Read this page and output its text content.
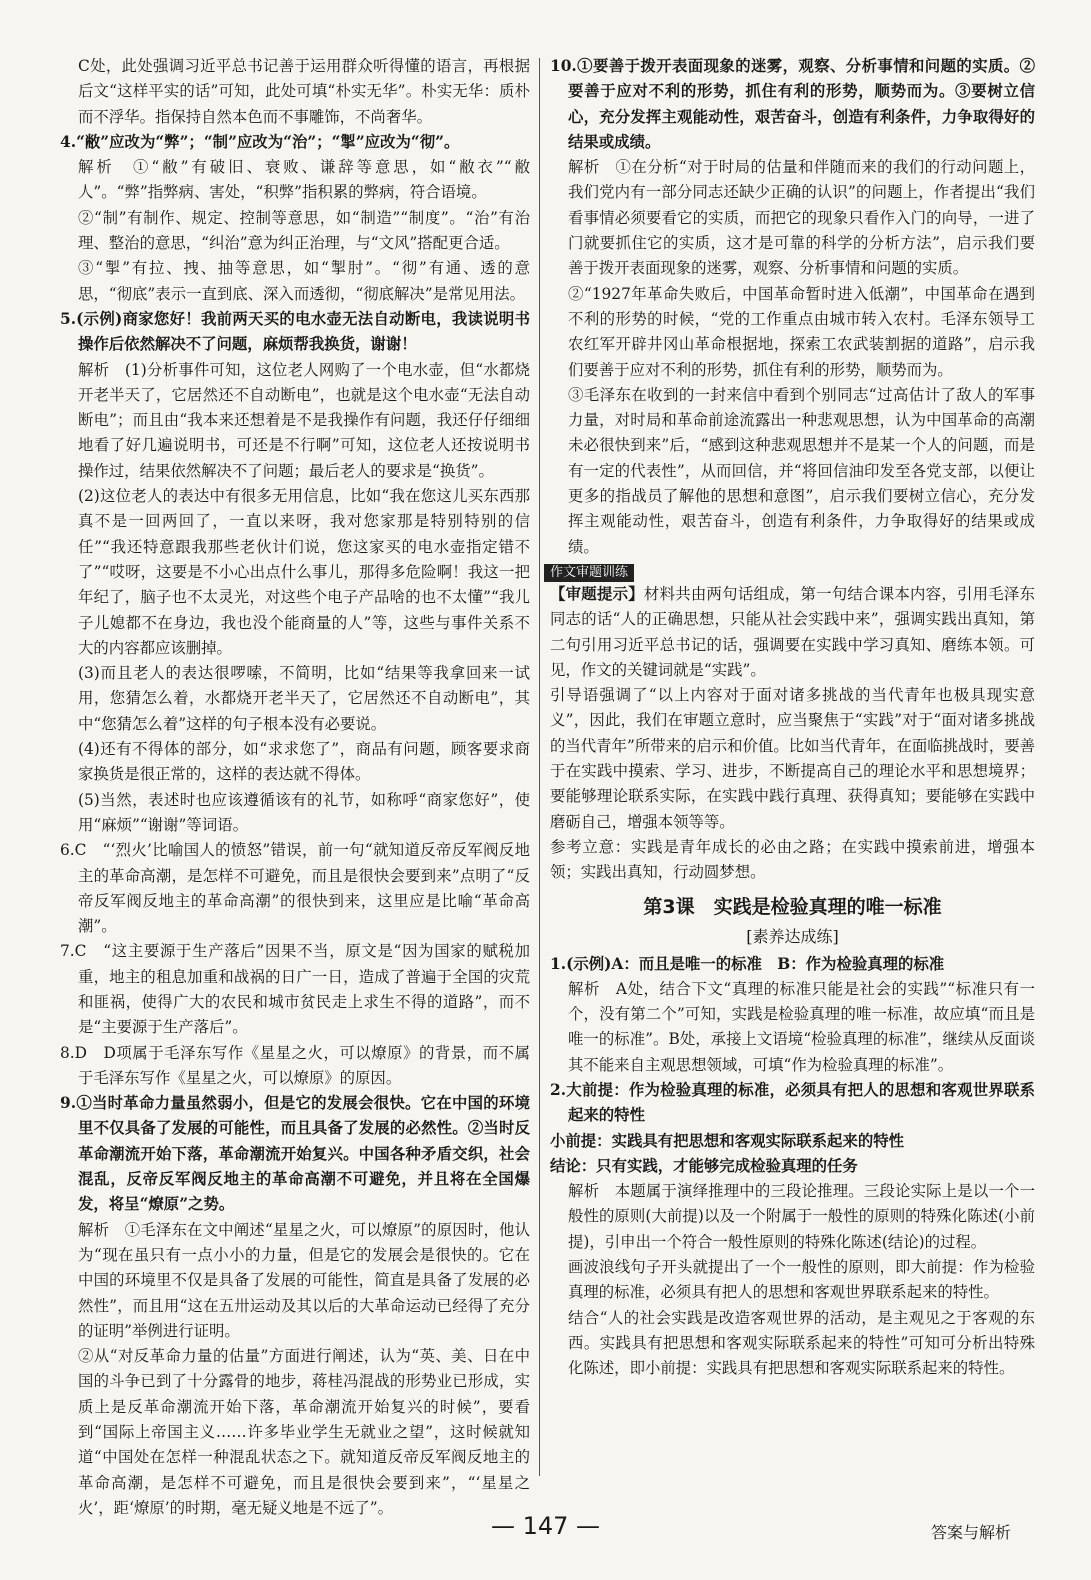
C处，此处强调习近平总书记善于运用群众听得懂的语言，再根据后文“这样平实的话”可知，此处可填“朴实无华”。朴实无华：质朴而不浮华。指保持自然本色而不事雕饰，不尚奢华。

4.“敝”应改为“弊”；“制”应改为“治”；“掣”应改为“彻”。

解析　①“敝”有破旧、衰败、谦辞等意思，如“敝衣”“敝人”。“弊”指弊病、害处，“积弊”指积累的弊病，符合语境。

②“制”有制作、规定、控制等意思，如“制造”“制度”。“治”有治理、整治的意思，“纠治”意为纠正治理，与“文风”搭配更合适。

③“掣”有拉、拽、抽等意思，如“掣肘”。“彻”有通、透的意思，“彻底”表示一直到底、深入而透彻，“彻底解决”是常见用法。

5.(示例)商家您好！我前两天买的电水壶无法自动断电，我读说明书操作后依然解决不了问题，麻烦帮我换货，谢谢！

解析　(1)分析事件可知，这位老人网购了一个电水壶，但“水都烧开老半天了，它居然还不自动断电”，也就是这个电水壶“无法自动断电”；而且由“我本来还想着是不是我操作有问题，我还仔仔细细地看了好几遍说明书，可还是不行啊”可知，这位老人还按说明书操作过，结果依然解决不了问题；最后老人的要求是“换货”。

(2)这位老人的表达中有很多无用信息，比如“我在您这儿买东西那真不是一回两回了，一直以来呀，我对您家那是特别特别的信任”“我还特意跟我那些老伙计们说，您这家买的电水壶指定错不了”“哎呀，这要是不小心出点什么事儿，那得多危险啊！我这一把年纪了，脑子也不太灵光，对这些个电子产品啥的也不太懂”“我儿子儿媳都不在身边，我也没个能商量的人”等，这些与事件关系不大的内容都应该删掉。

(3)而且老人的表达很啰嗦，不简明，比如“结果等我拿回来一试用，您猜怎么着，水都烧开老半天了，它居然还不自动断电”，其中“您猜怎么着”这样的句子根本没有必要说。

(4)还有不得体的部分，如“求求您了”，商品有问题，顾客要求商家换货是很正常的，这样的表达就不得体。

(5)当然，表述时也应该遵循该有的礼节，如称呼“商家您好”，使用“麻烦”“谢谢”等词语。

6.C　“‘烈火’比喻国人的愤怒”错误，前一句“就知道反帝反军阀反地主的革命高潮，是怎样不可避免，而且是很快会要到来”点明了“反帝反军阀反地主的革命高潮”的很快到来，这里应是比喻“革命高潮”。

7.C　“这主要源于生产落后”因果不当，原文是“因为国家的赋税加重，地主的租息加重和战祸的日广一日，造成了普遍于全国的灾荒和匪祸，使得广大的农民和城市贫民走上求生不得的道路”，而不是“主要源于生产落后”。

8.D　D项属于毛泽东写作《星星之火，可以燎原》的背景，而不属于毛泽东写作《星星之火，可以燎原》的原因。

9.①当时革命力量虽然弱小，但是它的发展会很快。它在中国的环境里不仅具备了发展的可能性，而且具备了发展的必然性。②当时反革命潮流开始下落，革命潮流开始复兴。中国各种矛盾交织，社会混乱，反帝反军阀反地主的革命高潮不可避免，并且将在全国爆发，将呈“燎原”之势。

解析　①毛泽东在文中阐述“星星之火，可以燎原”的原因时，他认为“现在虽只有一点小小的力量，但是它的发展会是很快的。它在中国的环境里不仅是具备了发展的可能性，简直是具备了发展的必然性”，而且用“这在五卅运动及其以后的大革命运动已经得了充分的证明”举例进行证明。

②从“对反革命力量的估量”方面进行阐述，认为“英、美、日在中国的斗争已到了十分露骨的地步，蒋桂冯混战的形势业已形成，实质上是反革命潮流开始下落，革命潮流开始复兴的时候”，要看到“国际上帝国主义……许多毕业学生无就业之望”，这时候就知道“中国处在怎样一种混乱状态之下。就知道反帝反军阀反地主的革命高潮，是怎样不可避免，而且是很快会要到来”，“‘星星之火’，距‘燎原’的时期，毫无疑义地是不远了”。

10.①要善于拨开表面现象的迷雾，观察、分析事情和问题的实质。②要善于应对不利的形势，抓住有利的形势，顺势而为。③要树立信心，充分发挥主观能动性，艰苦奋斗，创造有利条件，力争取得好的结果或成绩。

解析　①在分析“对于时局的估量和伴随而来的我们的行动问题上，我们党内有一部分同志还缺少正确的认识”的问题上，作者提出“我们看事情必须要看它的实质，而把它的现象只看作入门的向导，一进了门就要抓住它的实质，这才是可靠的科学的分析方法”，启示我们要善于拨开表面现象的迷雾，观察、分析事情和问题的实质。

②“1927年革命失败后，中国革命暂时进入低潮”，中国革命在遇到不利的形势的时候，“党的工作重点由城市转入农村。毛泽东领导工农红军开辟井冈山革命根据地，探索工农武装割据的道路”，启示我们要善于应对不利的形势，抓住有利的形势，顺势而为。

③毛泽东在收到的一封来信中看到个别同志“过高估计了敌人的军事力量，对时局和革命前途流露出一种悲观思想，认为中国革命的高潮未必很快到来”后，“感到这种悲观思想并不是某一个人的问题，而是有一定的代表性”，从而回信，并“将回信油印发至各党支部，以便让更多的指战员了解他的思想和意图”，启示我们要树立信心，充分发挥主观能动性，艰苦奋斗，创造有利条件，力争取得好的结果或成绩。

作文审题训练

【审题提示】材料共由两句话组成，第一句结合课本内容，引用毛泽东同志的话“人的正确思想，只能从社会实践中来”，强调实践出真知，第二句引用习近平总书记的话，强调要在实践中学习真知、磨练本领。可见，作文的关键词就是“实践”。

引导语强调了“以上内容对于面对诸多挑战的当代青年也极具现实意义”，因此，我们在审题立意时，应当聚焦于“实践”对于“面对诸多挑战的当代青年”所带来的启示和价值。比如当代青年，在面临挑战时，要善于在实践中摸索、学习、进步，不断提高自己的理论水平和思想境界；要能够理论联系实际，在实践中践行真理、获得真知；要能够在实践中磨砺自己，增强本领等等。

参考立意：实践是青年成长的必由之路；在实践中摸索前进，增强本领；实践出真知，行动圆梦想。

第3课　实践是检验真理的唯一标准
[素养达成练]

1.(示例)A：而且是唯一的标准　B：作为检验真理的标准

解析　A处，结合下文“真理的标准只能是社会的实践”“标准只有一个，没有第二个”可知，实践是检验真理的唯一标准，故应填“而且是唯一的标准”。B处，承接上文语境“检验真理的标准”，继续从反面谈其不能来自主观思想领域，可填“作为检验真理的标准”。

2.大前提：作为检验真理的标准，必须具有把人的思想和客观世界联系起来的特性

小前提：实践具有把思想和客观实际联系起来的特性

结论：只有实践，才能够完成检验真理的任务

解析　本题属于演绎推理中的三段论推理。三段论实际上是以一个一般性的原则(大前提)以及一个附属于一般性的原则的特殊化陈述(小前提)，引申出一个符合一般性原则的特殊化陈述(结论)的过程。

画波浪线句子开头就提出了一个一般性的原则，即大前提：作为检验真理的标准，必须具有把人的思想和客观世界联系起来的特性。

结合“人的社会实践是改造客观世界的活动，是主观见之于客观的东西。实践具有把思想和客观实际联系起来的特性”可知可分析出特殊化陈述，即小前提：实践具有把思想和客观实际联系起来的特性。

— 147 —	答案与解析
